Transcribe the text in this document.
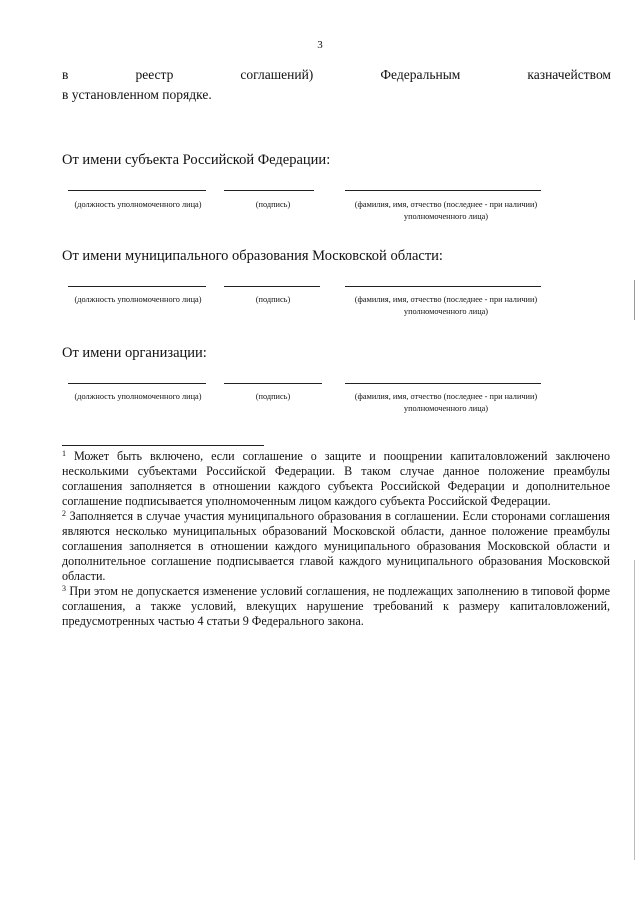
3
в	реестр	соглашений)	Федеральным	казначейством
в установленном порядке.
От имени субъекта Российской Федерации:
(должность уполномоченного лица)	(подпись)	(фамилия, имя, отчество (последнее - при наличии) уполномоченного лица)
От имени муниципального образования Московской области:
(должность уполномоченного лица)	(подпись)	(фамилия, имя, отчество (последнее - при наличии) уполномоченного лица)
От имени организации:
(должность уполномоченного лица)	(подпись)	(фамилия, имя, отчество (последнее - при наличии) уполномоченного лица)
$^1$ Может быть включено, если соглашение о защите и поощрении капиталовложений заключено несколькими субъектами Российской Федерации. В таком случае данное положение преамбулы соглашения заполняется в отношении каждого субъекта Российской Федерации и дополнительное соглашение подписывается уполномоченным лицом каждого субъекта Российской Федерации.
$^2$ Заполняется в случае участия муниципального образования в соглашении. Если сторонами соглашения являются несколько муниципальных образований Московской области, данное положение преамбулы соглашения заполняется в отношении каждого муниципального образования Московской области и дополнительное соглашение подписывается главой каждого муниципального образования Московской области.
$^3$ При этом не допускается изменение условий соглашения, не подлежащих заполнению в типовой форме соглашения, а также условий, влекущих нарушение требований к размеру капиталовложений, предусмотренных частью 4 статьи 9 Федерального закона.
